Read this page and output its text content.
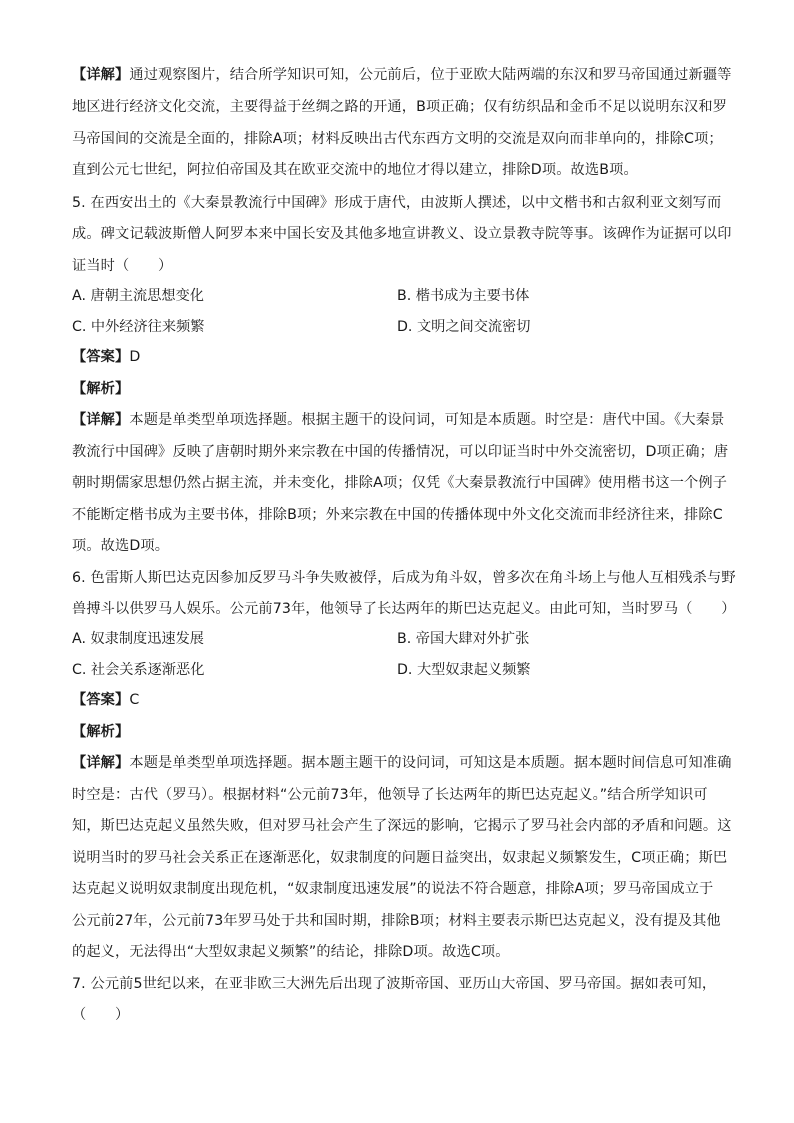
【详解】通过观察图片，结合所学知识可知，公元前后，位于亚欧大陆两端的东汉和罗马帝国通过新疆等
地区进行经济文化交流，主要得益于丝绸之路的开通，B项正确；仅有纺织品和金币不足以说明东汉和罗
马帝国间的交流是全面的，排除A项；材料反映出古代东西方文明的交流是双向而非单向的，排除C项；
直到公元七世纪，阿拉伯帝国及其在欧亚交流中的地位才得以建立，排除D项。故选B项。
5. 在西安出土的《大秦景教流行中国碑》形成于唐代，由波斯人撰述，以中文楷书和古叙利亚文刻写而
成。碑文记载波斯僧人阿罗本来中国长安及其他多地宣讲教义、设立景教寺院等事。该碑作为证据可以印
证当时（　　）
A. 唐朝主流思想变化	B. 楷书成为主要书体
C. 中外经济往来频繁	D. 文明之间交流密切
【答案】D
【解析】
【详解】本题是单类型单项选择题。根据主题干的设问词，可知是本质题。时空是：唐代中国。《大秦景
教流行中国碑》反映了唐朝时期外来宗教在中国的传播情况，可以印证当时中外交流密切，D项正确；唐
朝时期儒家思想仍然占据主流，并未变化，排除A项；仅凭《大秦景教流行中国碑》使用楷书这一个例子
不能断定楷书成为主要书体，排除B项；外来宗教在中国的传播体现中外文化交流而非经济往来，排除C
项。故选D项。
6. 色雷斯人斯巴达克因参加反罗马斗争失败被俘，后成为角斗奴，曾多次在角斗场上与他人互相残杀与野
兽搏斗以供罗马人娱乐。公元前73年，他领导了长达两年的斯巴达克起义。由此可知，当时罗马（　　）
A. 奴隶制度迅速发展	B. 帝国大肆对外扩张
C. 社会关系逐渐恶化	D. 大型奴隶起义频繁
【答案】C
【解析】
【详解】本题是单类型单项选择题。据本题主题干的设问词，可知这是本质题。据本题时间信息可知准确
时空是：古代（罗马）。根据材料“公元前73年，他领导了长达两年的斯巴达克起义。”结合所学知识可
知，斯巴达克起义虽然失败，但对罗马社会产生了深远的影响，它揭示了罗马社会内部的矛盾和问题。这
说明当时的罗马社会关系正在逐渐恶化，奴隶制度的问题日益突出，奴隶起义频繁发生，C项正确；斯巴
达克起义说明奴隶制度出现危机，“奴隶制度迅速发展”的说法不符合题意，排除A项；罗马帝国成立于
公元前27年，公元前73年罗马处于共和国时期，排除B项；材料主要表示斯巴达克起义，没有提及其他
的起义，无法得出“大型奴隶起义频繁”的结论，排除D项。故选C项。
7. 公元前5世纪以来，在亚非欧三大洲先后出现了波斯帝国、亚历山大帝国、罗马帝国。据如表可知，
（　　）
